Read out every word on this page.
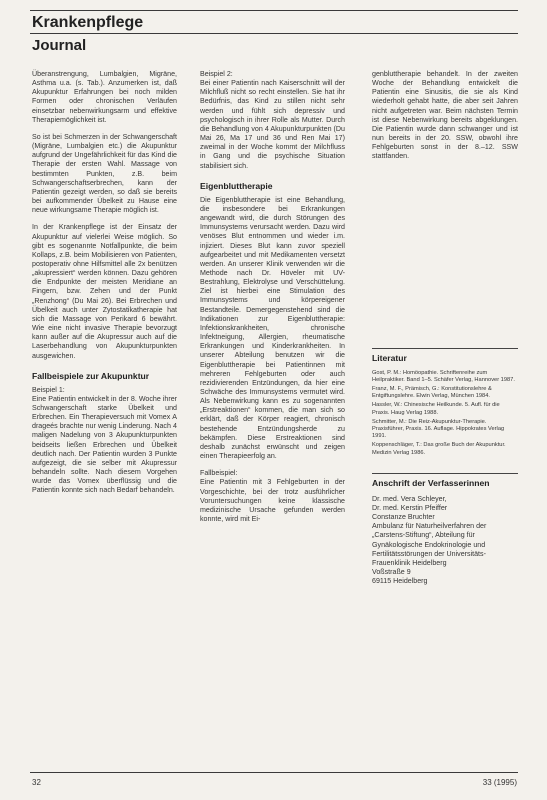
Krankenpflege
Journal

Überanstrengung, Lumbalgien, Migräne, Asthma u.a. (s. Tab.). Anzumerken ist, daß Akupunktur Erfahrungen bei noch milden Formen oder chronischen Verläufen einsetzbar nebenwirkungsarm und effektive Therapiemöglichkeit ist.

So ist bei Schmerzen in der Schwangerschaft (Migräne, Lumbalgien etc.) die Akupunktur aufgrund der Ungefährlichkeit für das Kind die Therapie der ersten Wahl. Massage von bestimmten Punkten, z.B. beim Schwangerschaftserbrechen, kann der Patientin gezeigt werden, so daß sie bereits bei aufkommender Übelkeit zu Hause eine neue wirkungsame Therapie möglich ist.

In der Krankenpflege ist der Einsatz der Akupunktur auf vielerlei Weise möglich. So gibt es sogenannte Notfallpunkte, die beim Kollaps, z.B. beim Mobilisieren von Patienten, postoperativ ohne Hilfsmittel alle 2x benützen „akupressiert“ werden können. Dazu gehören die Endpunkte der meisten Meridiane an Fingern, bzw. Zehen und der Punkt „Renzhong“ (Du Mai 26). Bei Erbrechen und Übelkeit auch unter Zytostatikatherapie hat sich die Massage von Perikard 6 bewährt. Wie eine nicht invasive Therapie bevorzugt kann außer auf die Akupressur auch auf die Laserbehandlung von Akupunkturpunkten ausgewichen.

Fallbeispiele zur Akupunktur

Beispiel 1:

Eine Patientin entwickelt in der 8. Woche ihrer Schwangerschaft starke Übelkeit und Erbrechen. Ein Therapieversuch mit Vomex A drageés brachte nur wenig Linderung. Nach 4 maligen Nadelung von 3 Akupunkturpunkten beidseits ließen Erbrechen und Übelkeit deutlich nach. Der Patientin wurden 3 Punkte aufgezeigt, die sie selber mit Akupressur behandeln sollte. Nach diesem Vorgehen wurde das Vomex überflüssig und die Patientin konnte sich nach Bedarf behandeln.

Beispiel 2:

Bei einer Patientin nach Kaiserschnitt will der Milchfluß nicht so recht einstellen. Sie hat ihr Bedürfnis, das Kind zu stillen nicht sehr werden und fühlt sich depressiv und psychologisch in ihrer Rolle als Mutter. Durch die Behandlung von 4 Akupunkturpunkten (Du Mai 26, Ma 17 und 36 und Ren Mai 17) zweimal in der Woche kommt der Milchfluss in Gang und die psychische Situation stabilisiert sich.

Eigenbluttherapie

Die Eigenbluttherapie ist eine Behandlung, die insbesondere bei Erkrankungen angewandt wird, die durch Störungen des Immunsystems verursacht werden. Dazu wird venöses Blut entnommen und wieder i.m. injiziert. Dieses Blut kann zuvor speziell aufgearbeitet und mit Medikamenten versetzt werden. An unserer Klinik verwenden wir die Methode nach Dr. Höveler mit UV-Bestrahlung, Elektrolyse und Verschüttelung. Ziel ist hierbei eine Stimulation des Immunsystems und körpereigener Bestandteile. Demergegenstehend sind die Indikationen zur Eigenbluttherapie: Infektionskrankheiten, chronische Infektneigung, Allergien, rheumatische Erkrankungen und Kinderkrankheiten. In unserer Abteilung benutzen wir die Eigenbluttherapie bei Patientinnen mit mehreren Fehlgeburten oder auch rezidivierenden Entzündungen, da hier eine Schwäche des Immunsystems vermutet wird. Als Nebenwirkung kann es zu sogenannten „Erstreaktionen“ kommen, die man sich so erklärt, daß der Körper reagiert, chronisch bestehende Entzündungsherde zu bekämpfen. Diese Erstreaktionen sind deshalb zunächst erwünscht und zeigen einen Therapieerfolg an.

Fallbeispiel:

Eine Patientin mit 3 Fehlgeburten in der Vorgeschichte, bei der trotz ausführlicher Voruntersuchungen keine klassische medizinische Ursache gefunden werden konnte, wird mit Ei-

genbluttherapie behandelt. In der zweiten Woche der Behandlung entwickelt die Patientin eine Sinusitis, die sie als Kind wiederholt gehabt hatte, die aber seit Jahren nicht aufgetreten war. Beim nächsten Termin ist diese Nebenwirkung bereits abgeklungen. Die Patientin wurde dann schwanger und ist nun bereits in der 20. SSW, obwohl ihre Fehlgeburten sonst in der 8.–12. SSW stattfanden.

Literatur

Gost, P. M.: Homöopathie. Schriftenreihe zum Heilpraktiker. Band 1–5. Schäfer Verlag, Hannover 1987.

Franz, M. F., Prämisch, G.: Konstitutionslehre & Entgiftungslehre. Elwin Verlag, München 1984.

Hassler, W.: Chinesische Heilkunde. 5. Aufl. für die Praxis. Haug Verlag 1988.

Schmitter, M.: Die Reiz-Akupunktur-Therapie. Praxisführer, Praxis. 16. Auflage. Hippokrates Verlag 1991.

Koppenschläger, T.: Das große Buch der Akupunktur. Medizin Verlag 1986.

Anschrift der Verfasserinnen

Dr. med. Vera Schleyer,

Dr. med. Kerstin Pfeiffer

Constanze Bruchter

Ambulanz für Naturheilverfahren der „Carstens-Stiftung“, Abteilung für

Gynäkologische Endokrinologie und

Fertilitätsstörungen der Universitäts-Frauenklinik Heidelberg

Voßstraße 9

69115 Heidelberg

32	33 (1995)
